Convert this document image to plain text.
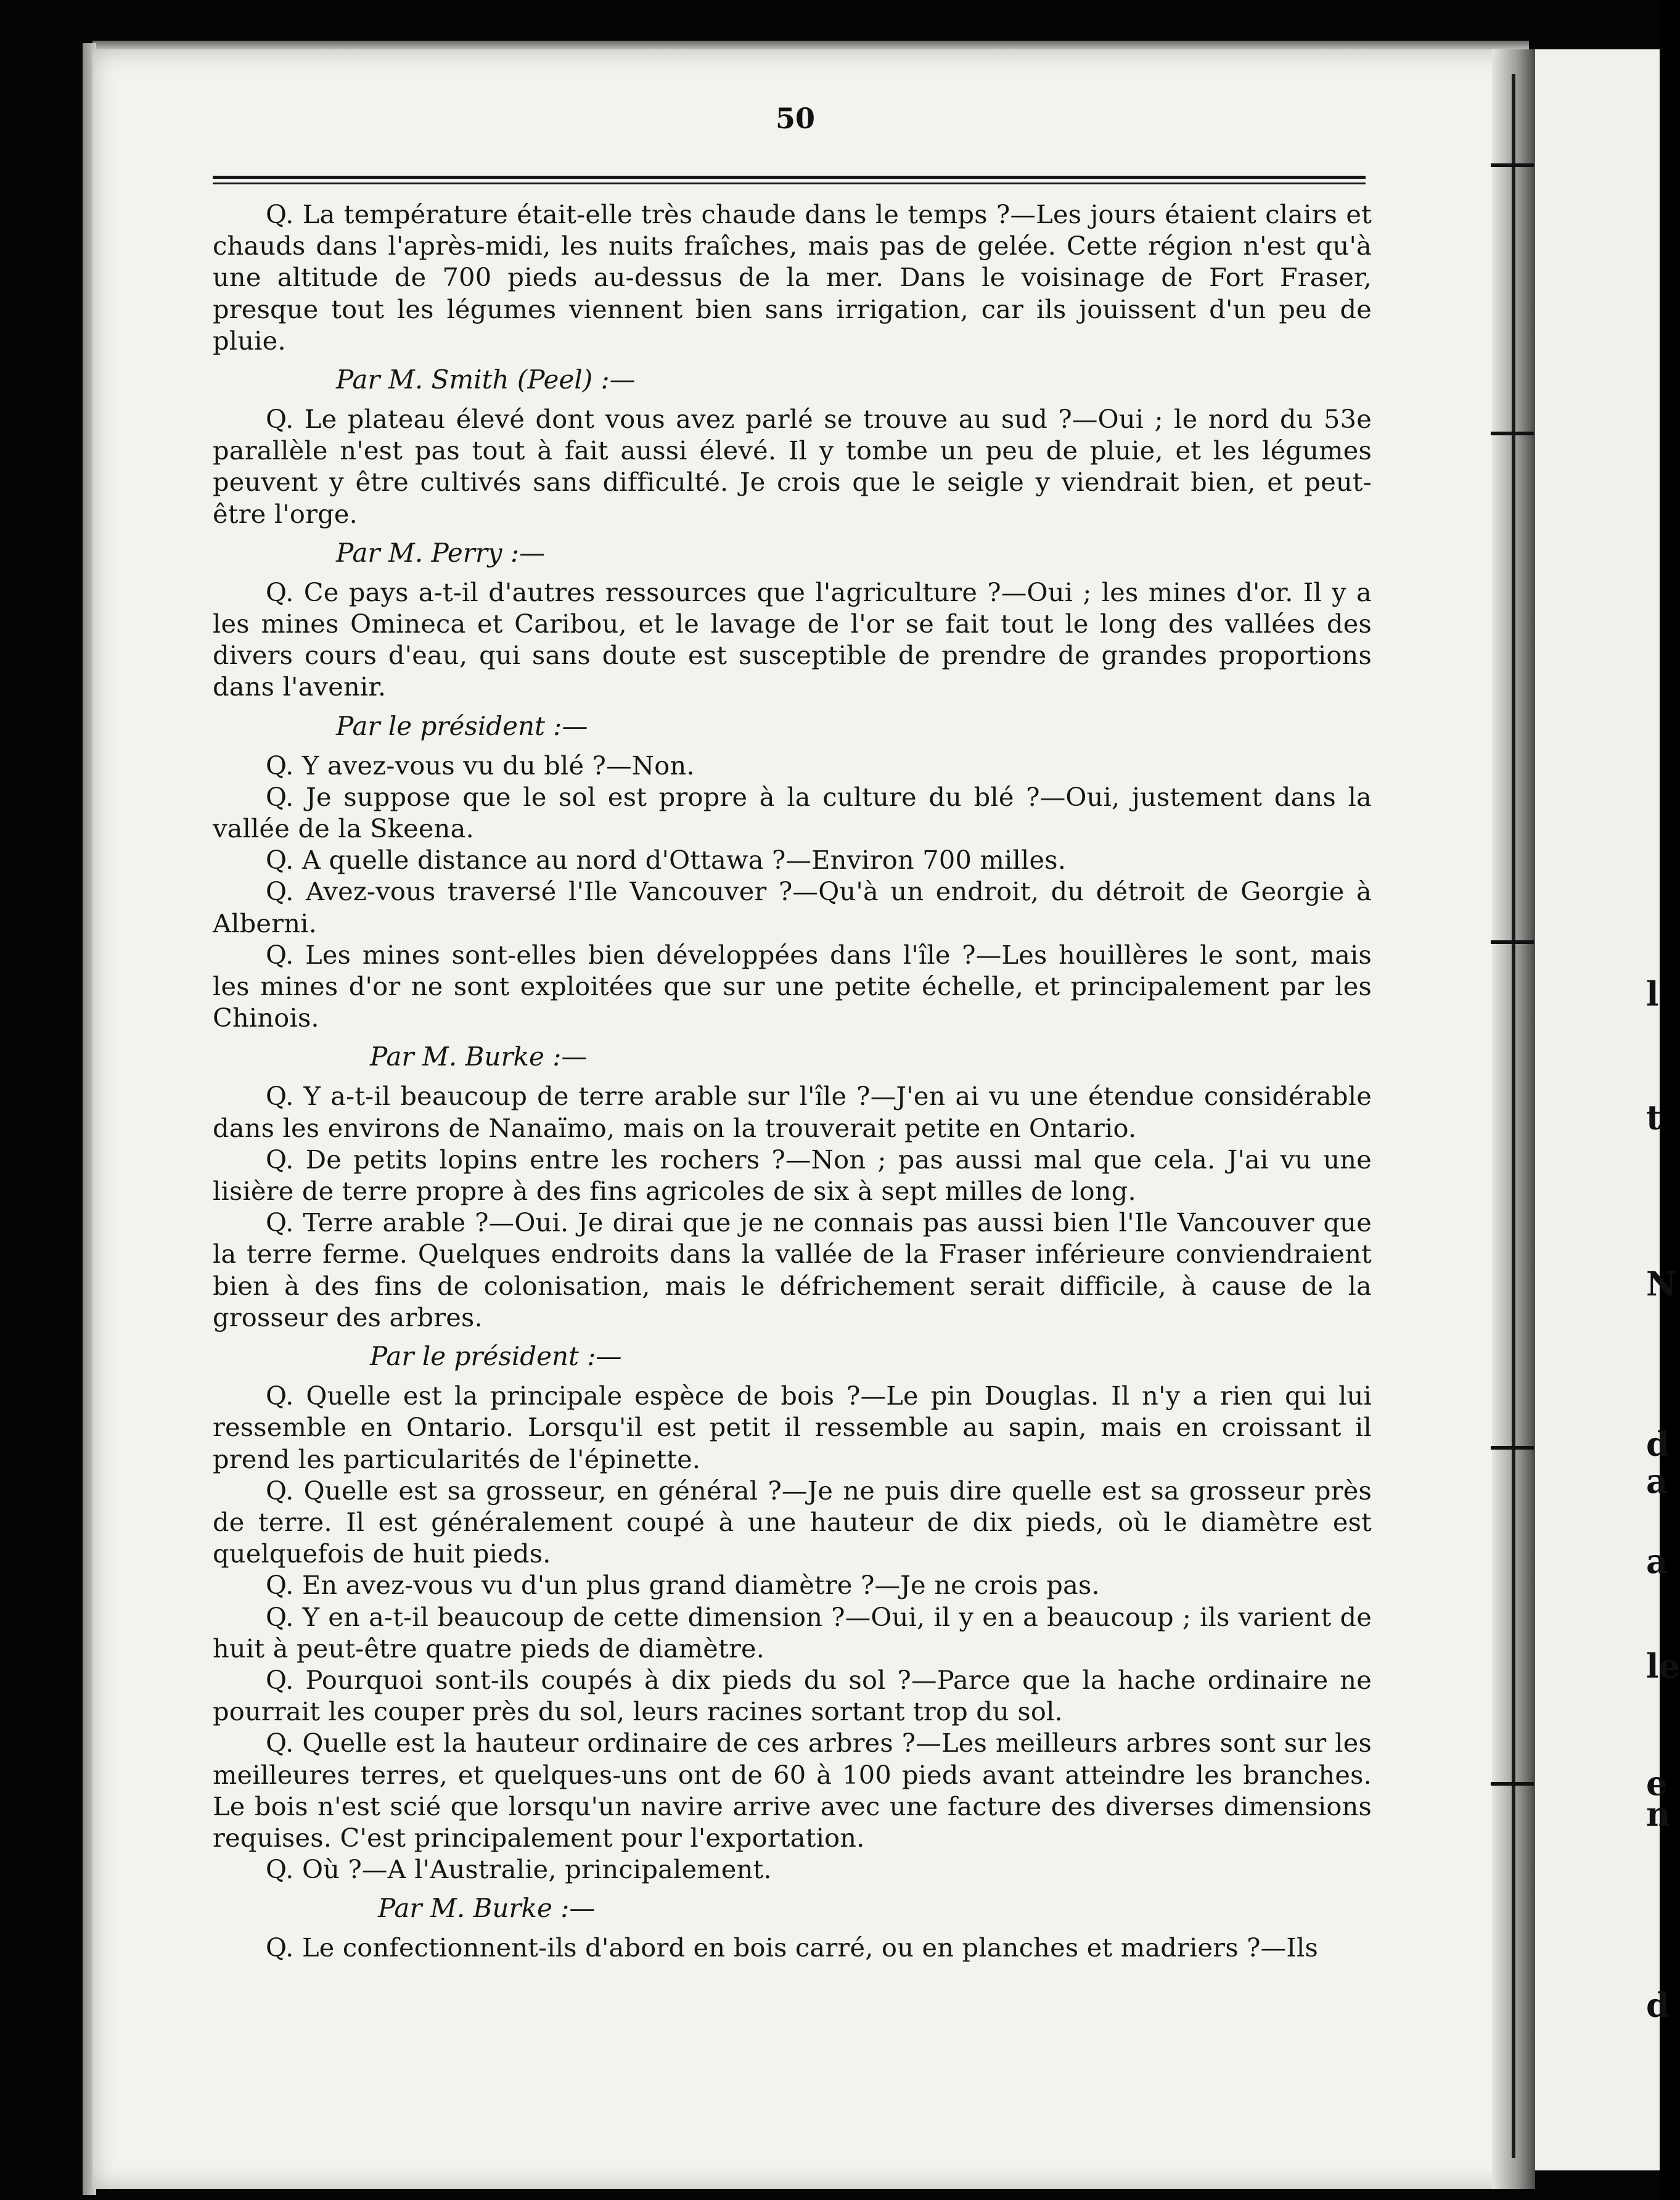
l
t
N
d
a
a
le
e
n
d
50

Q. La température était-elle très chaude dans le temps ?—Les jours étaient clairs et chauds dans l'après-midi, les nuits fraîches, mais pas de gelée. Cette région n'est qu'à une altitude de 700 pieds au-dessus de la mer. Dans le voisinage de Fort Fraser, presque tout les légumes viennent bien sans irrigation, car ils jouissent d'un peu de pluie.

Par M. Smith (Peel) :—

Q. Le plateau élevé dont vous avez parlé se trouve au sud ?—Oui ; le nord du 53e parallèle n'est pas tout à fait aussi élevé. Il y tombe un peu de pluie, et les légumes peuvent y être cultivés sans difficulté. Je crois que le seigle y viendrait bien, et peut-être l'orge.

Par M. Perry :—

Q. Ce pays a-t-il d'autres ressources que l'agriculture ?—Oui ; les mines d'or. Il y a les mines Omineca et Caribou, et le lavage de l'or se fait tout le long des vallées des divers cours d'eau, qui sans doute est susceptible de prendre de grandes proportions dans l'avenir.

Par le président :—

Q. Y avez-vous vu du blé ?—Non.

Q. Je suppose que le sol est propre à la culture du blé ?—Oui, justement dans la vallée de la Skeena.

Q. A quelle distance au nord d'Ottawa ?—Environ 700 milles.

Q. Avez-vous traversé l'Ile Vancouver ?—Qu'à un endroit, du détroit de Georgie à Alberni.

Q. Les mines sont-elles bien développées dans l'île ?—Les houillères le sont, mais les mines d'or ne sont exploitées que sur une petite échelle, et principalement par les Chinois.

Par M. Burke :—

Q. Y a-t-il beaucoup de terre arable sur l'île ?—J'en ai vu une étendue considérable dans les environs de Nanaïmo, mais on la trouverait petite en Ontario.

Q. De petits lopins entre les rochers ?—Non ; pas aussi mal que cela. J'ai vu une lisière de terre propre à des fins agricoles de six à sept milles de long.

Q. Terre arable ?—Oui. Je dirai que je ne connais pas aussi bien l'Ile Vancouver que la terre ferme. Quelques endroits dans la vallée de la Fraser inférieure conviendraient bien à des fins de colonisation, mais le défrichement serait difficile, à cause de la grosseur des arbres.

Par le président :—

Q. Quelle est la principale espèce de bois ?—Le pin Douglas. Il n'y a rien qui lui ressemble en Ontario. Lorsqu'il est petit il ressemble au sapin, mais en croissant il prend les particularités de l'épinette.

Q. Quelle est sa grosseur, en général ?—Je ne puis dire quelle est sa grosseur près de terre. Il est généralement coupé à une hauteur de dix pieds, où le diamètre est quelquefois de huit pieds.

Q. En avez-vous vu d'un plus grand diamètre ?—Je ne crois pas.

Q. Y en a-t-il beaucoup de cette dimension ?—Oui, il y en a beaucoup ; ils varient de huit à peut-être quatre pieds de diamètre.

Q. Pourquoi sont-ils coupés à dix pieds du sol ?—Parce que la hache ordinaire ne pourrait les couper près du sol, leurs racines sortant trop du sol.

Q. Quelle est la hauteur ordinaire de ces arbres ?—Les meilleurs arbres sont sur les meilleures terres, et quelques-uns ont de 60 à 100 pieds avant atteindre les branches. Le bois n'est scié que lorsqu'un navire arrive avec une facture des diverses dimensions requises. C'est principalement pour l'exportation.

Q. Où ?—A l'Australie, principalement.

Par M. Burke :—

Q. Le confectionnent-ils d'abord en bois carré, ou en planches et madriers ?—Ils
